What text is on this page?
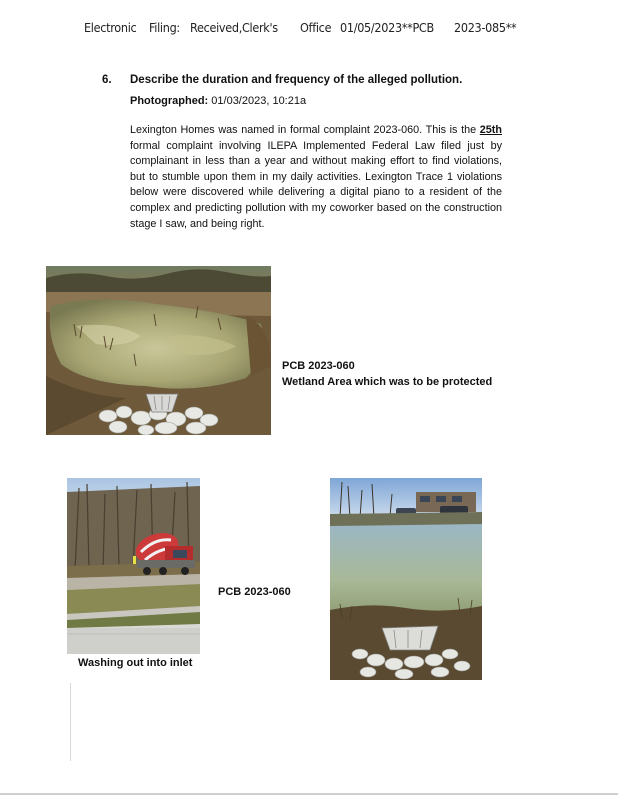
Electronic Filing: Received,Clerk's Office 01/05/2023**PCB 2023-085**
6. Describe the duration and frequency of the alleged pollution.
Photographed: 01/03/2023, 10:21a
Lexington Homes was named in formal complaint 2023-060. This is the 25th formal complaint involving ILEPA Implemented Federal Law filed just by complainant in less than a year and without making effort to find violations, but to stumble upon them in my daily activities. Lexington Trace 1 violations below were discovered while delivering a digital piano to a resident of the complex and predicting pollution with my coworker based on the construction stage I saw, and being right.
PCB 2023-060
Wetland Area which was to be protected
Washing out into inlet
PCB 2023-060
